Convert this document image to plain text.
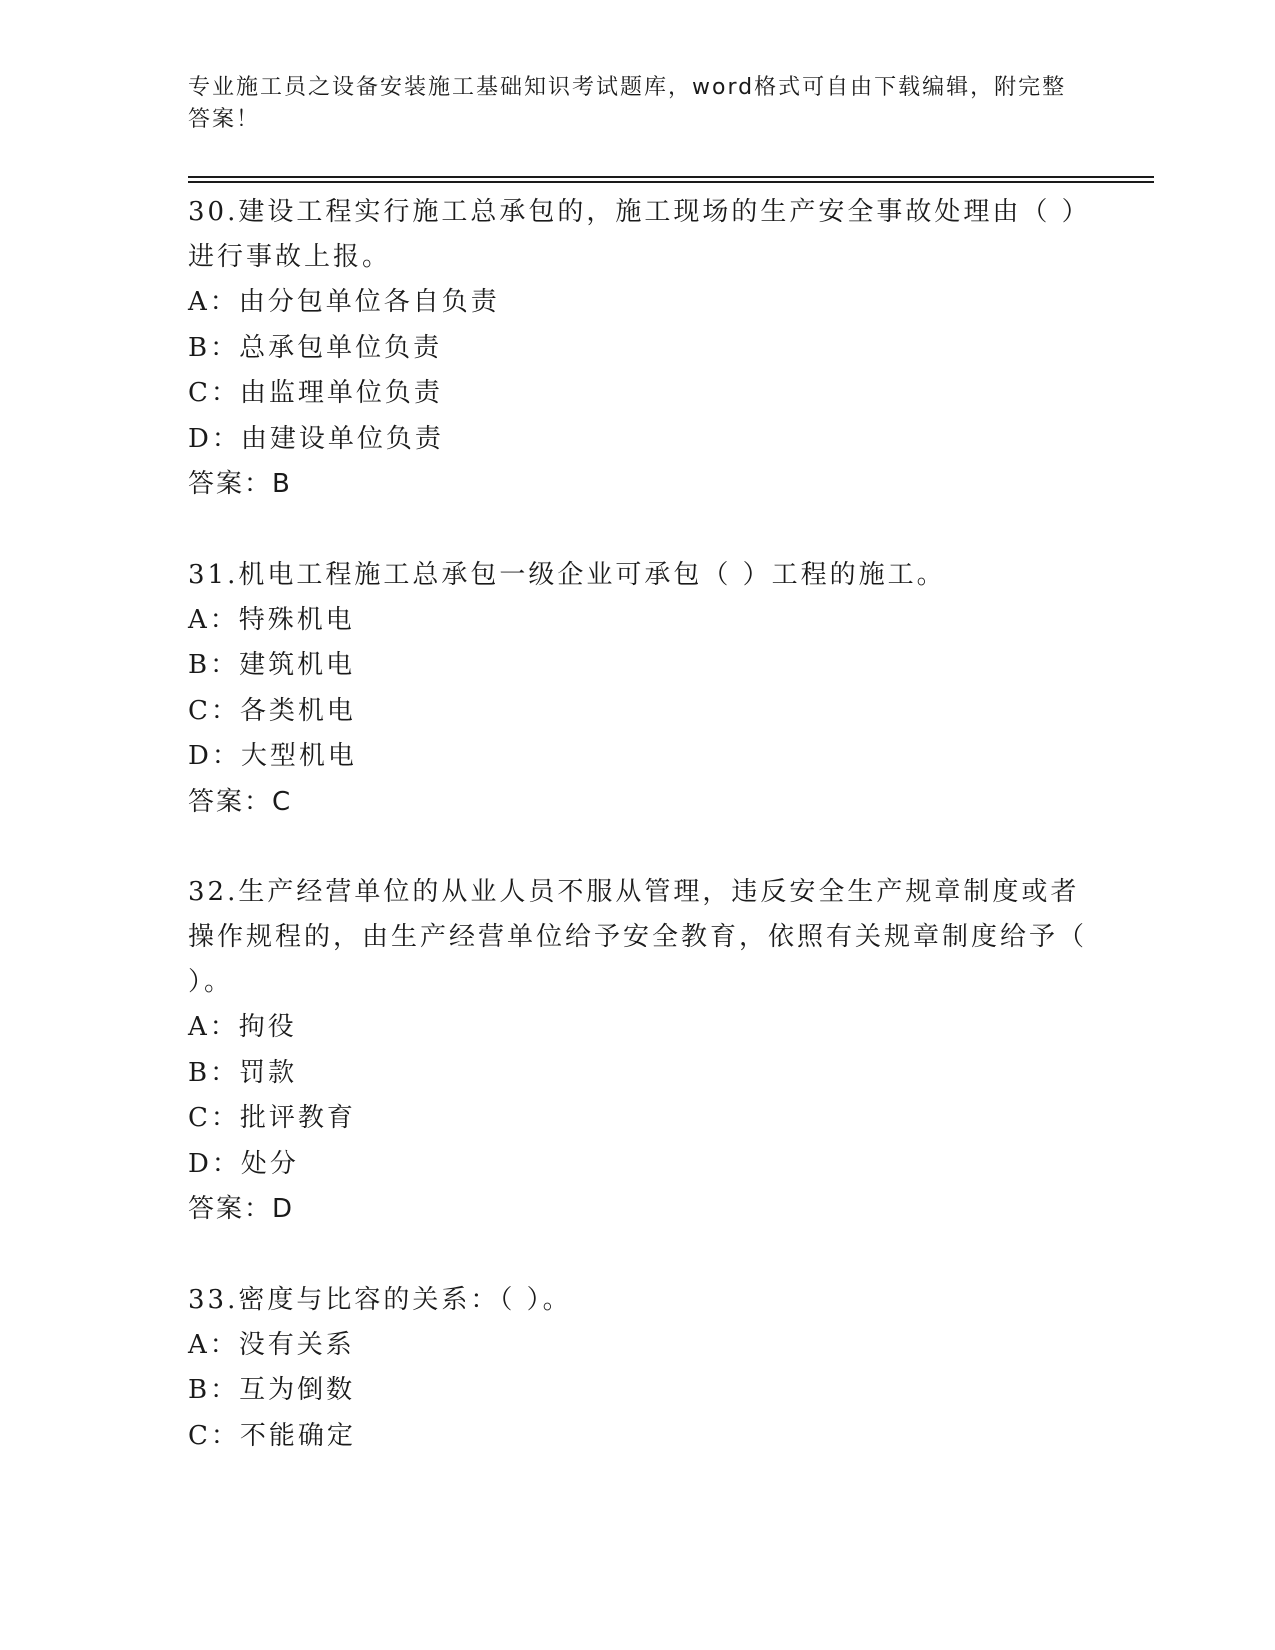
专业施工员之设备安装施工基础知识考试题库，word格式可自由下载编辑，附完整答案！

30.建设工程实行施工总承包的，施工现场的生产安全事故处理由（ ）进行事故上报。

A：由分包单位各自负责

B：总承包单位负责

C：由监理单位负责

D：由建设单位负责

答案：B

31.机电工程施工总承包一级企业可承包（ ）工程的施工。

A：特殊机电

B：建筑机电

C：各类机电

D：大型机电

答案：C

32.生产经营单位的从业人员不服从管理，违反安全生产规章制度或者操作规程的，由生产经营单位给予安全教育，依照有关规章制度给予（ ）。

A：拘役

B：罚款

C：批评教育

D：处分

答案：D

33.密度与比容的关系：（ ）。

A：没有关系

B：互为倒数

C：不能确定
